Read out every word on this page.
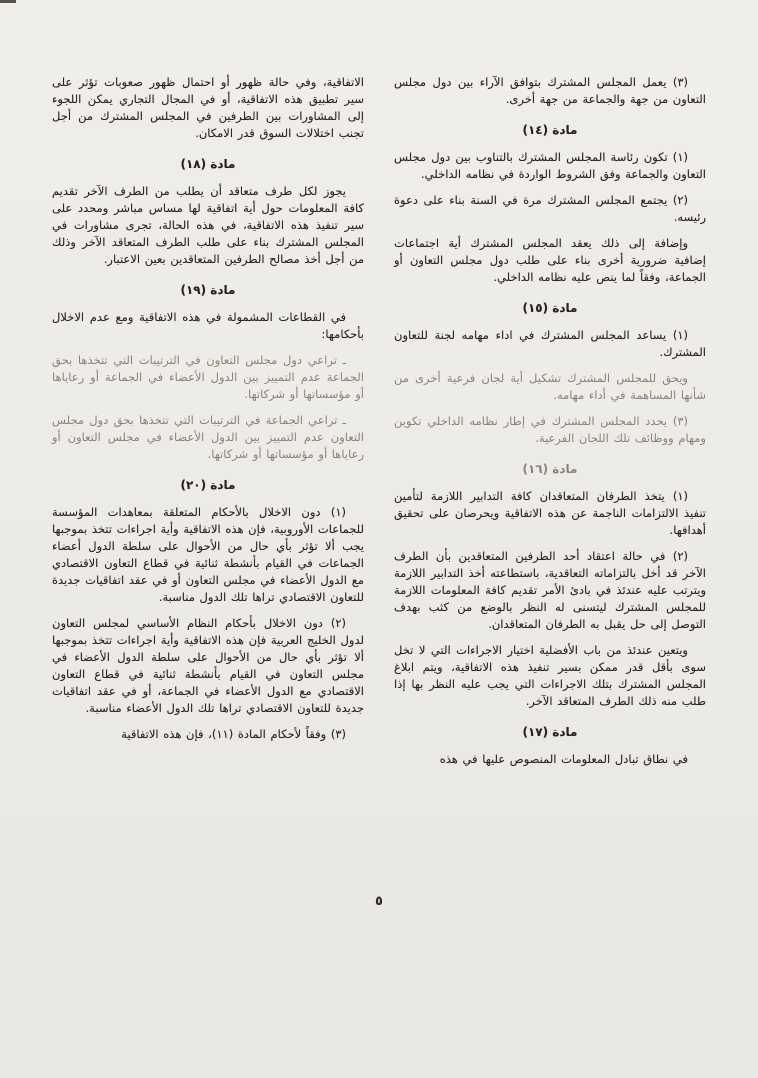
(٣) يعمل المجلس المشترك بتوافق الآراء بين دول مجلس التعاون من جهة والجماعة من جهة أخرى.

مادة (١٤)

(١) تكون رئاسة المجلس المشترك بالتناوب بين دول مجلس التعاون والجماعة وفق الشروط الواردة في نظامه الداخلي.

(٢) يجتمع المجلس المشترك مرة في السنة بناء على دعوة رئيسه.

وإضافة إلى ذلك يعقد المجلس المشترك أية اجتماعات إضافية ضرورية أخرى بناء على طلب دول مجلس التعاون أو الجماعة، وفقاً لما ينص عليه نظامه الداخلي.

مادة (١٥)

(١) يساعد المجلس المشترك في اداء مهامه لجنة للتعاون المشترك.

ويحق للمجلس المشترك تشكيل أية لجان فرعية أخرى من شأنها المساهمة في أداء مهامه.

(٣) يحدد المجلس المشترك في إطار نظامه الداخلي تكوين ومهام ووظائف تلك اللجان الفرعية.

مادة (١٦)

(١) يتخذ الطرفان المتعاقدان كافة التدابير اللازمة لتأمين تنفيذ الالتزامات الناجمة عن هذه الاتفاقية ويحرصان على تحقيق أهدافها.

(٢) في حالة اعتقاد أحد الطرفين المتعاقدين بأن الطرف الآخر قد أخل بالتزاماته التعاقدية، باستطاعته أخذ التدابير اللازمة ويترتب عليه عندئذ في بادئ الأمر تقديم كافة المعلومات اللازمة للمجلس المشترك ليتسنى له النظر بالوضع من كثب بهدف التوصل إلى حل يقبل به الطرفان المتعاقدان.

ويتعين عندئذ من باب الأفضلية اختيار الاجراءات التي لا تخل سوى بأقل قدر ممكن بسير تنفيذ هذه الاتفاقية، ويتم ابلاغ المجلس المشترك بتلك الاجراءات التي يجب عليه النظر بها إذا طلب منه ذلك الطرف المتعاقد الآخر.

مادة (١٧)

في نطاق تبادل المعلومات المنصوص عليها في هذه

الاتفاقية، وفي حالة ظهور أو احتمال ظهور صعوبات تؤثر على سير تطبيق هذه الاتفاقية، أو في المجال التجاري يمكن اللجوء إلى المشاورات بين الطرفين في المجلس المشترك من أجل تجنب اختلالات السوق قدر الامكان.

مادة (١٨)

يجوز لكل طرف متعاقد أن يطلب من الطرف الآخر تقديم كافة المعلومات حول أية اتفاقية لها مساس مباشر ومحدد على سير تنفيذ هذه الاتفاقية، في هذه الحالة، تجرى مشاورات في المجلس المشترك بناء على طلب الطرف المتعاقد الآخر وذلك من أجل أخذ مصالح الطرفين المتعاقدين بعين الاعتبار.

مادة (١٩)

في القطاعات المشمولة في هذه الاتفاقية ومع عدم الاخلال بأحكامها:

ـ تراعي دول مجلس التعاون في الترتيبات التي تتخذها بحق الجماعة عدم التمييز بين الدول الأعضاء في الجماعة أو رعاياها أو مؤسساتها أو شركاتها.

ـ تراعي الجماعة في الترتيبات التي تتخذها بحق دول مجلس التعاون عدم التمييز بين الدول الأعضاء في مجلس التعاون أو رعاياها أو مؤسساتها أو شركاتها.

مادة (٢٠)

(١) دون الاخلال بالأحكام المتعلقة بمعاهدات المؤسسة للجماعات الأوروبية، فإن هذه الاتفاقية وأية اجراءات تتخذ بموجبها يجب ألا تؤثر بأي حال من الأحوال على سلطة الدول أعضاء الجماعات في القيام بأنشطة ثنائية في قطاع التعاون الاقتصادي مع الدول الأعضاء في مجلس التعاون أو في عقد اتفاقيات جديدة للتعاون الاقتصادي تراها تلك الدول مناسبة.

(٢) دون الاخلال بأحكام النظام الأساسي لمجلس التعاون لدول الخليج العربية فإن هذه الاتفاقية وأية اجراءات تتخذ بموجبها ألا تؤثر بأي حال من الأحوال على سلطة الدول الأعضاء في مجلس التعاون في القيام بأنشطة ثنائية في قطاع التعاون الاقتصادي مع الدول الأعضاء في الجماعة، أو في عقد اتفاقيات جديدة للتعاون الاقتصادي تراها تلك الدول الأعضاء مناسبة.

(٣) وفقاً لأحكام المادة (١١)، فإن هذه الاتفاقية

٥
